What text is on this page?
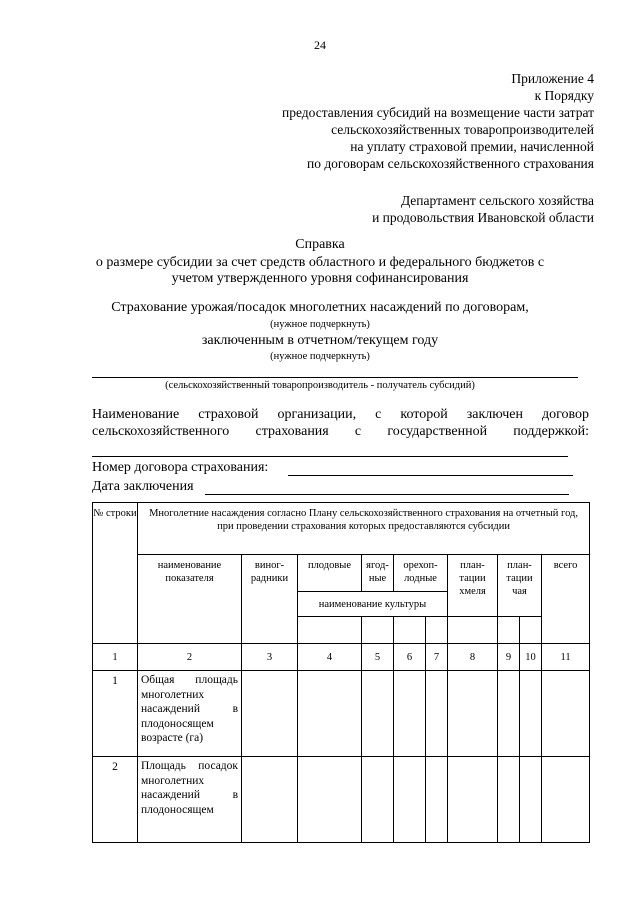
24
Приложение 4
к Порядку
предоставления субсидий на возмещение части затрат
сельскохозяйственных товаропроизводителей
на уплату страховой премии, начисленной
по договорам сельскохозяйственного страхования
Департамент сельского хозяйства
и продовольствия Ивановской области
Справка
о размере субсидии за счет средств областного и федерального бюджетов с
учетом утвержденного уровня софинансирования
Страхование урожая/посадок многолетних насаждений по договорам,
(нужное подчеркнуть)
заключенным в отчетном/текущем году
(нужное подчеркнуть)
(сельскохозяйственный товаропроизводитель - получатель субсидий)
Наименование страховой организации, с которой заключен договор
сельскохозяйственного страхования с государственной поддержкой:
Номер договора страхования:
Дата заключения
№ строки	Многолетние насаждения согласно Плану сельскохозяйственного страхования на отчетный год, при проведении страхования которых предоставляются субсидии									
	наименование показателя	виног-радники	плодовые	ягод-ные	орехоп-лодные		план-тации хмеля	план-тации чая		всего
			наименование культуры							

1	2	3	4	5	6	7	8	9	10	11
1	Общая площадь многолетних насаждений в плодоносящем возрасте (га)									
2	Площадь посадок многолетних насаждений в плодоносящем									
